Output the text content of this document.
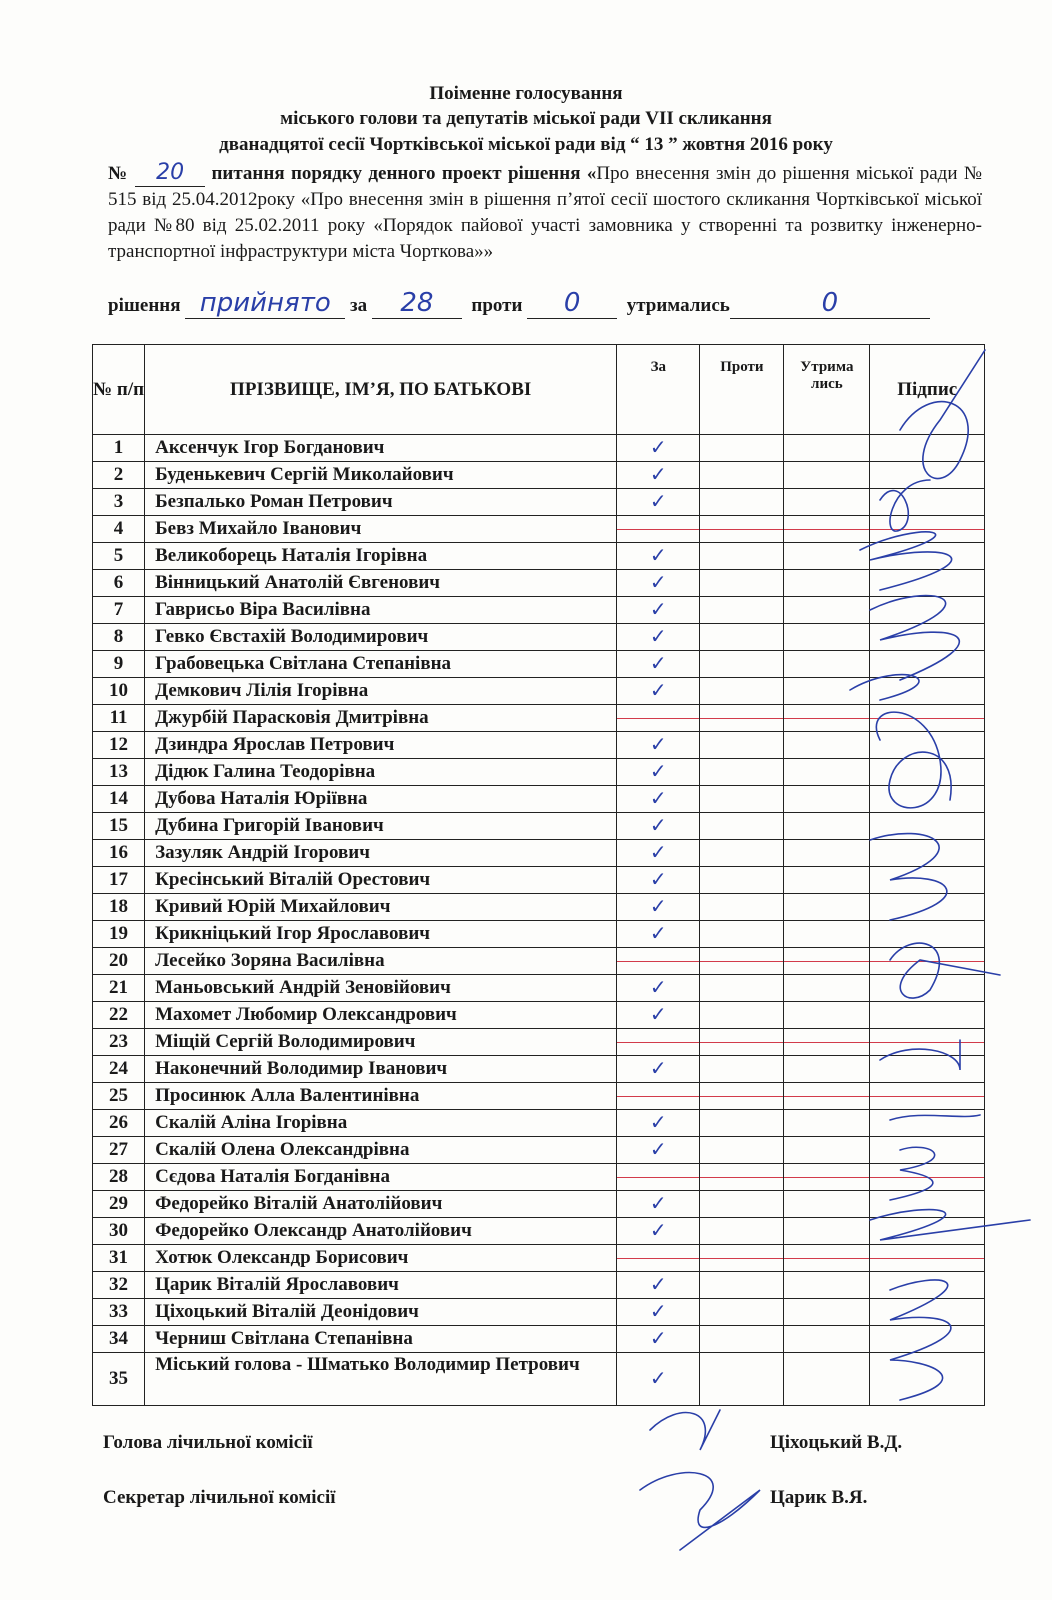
Поіменне голосування
міського голови та депутатів міської ради VII скликання
дванадцятої сесії Чортківської міської ради від “ 13 ” жовтня 2016 року
№ 20 питання порядку денного проект рішення «Про внесення змін до рішення міської ради № 515 від 25.04.2012року «Про внесення змін в рішення п’ятої сесії шостого скликання Чортківської міської ради №80 від 25.02.2011 року «Порядок пайової участі замовника у створенні та розвитку інженерно-транспортної інфраструктури міста Чорткова»»
рішення прийнято за 28 проти 0 утримались	0
№ п/п	ПРІЗВИЩЕ, ІМ’Я, ПО БАТЬКОВІ	За	Проти	Утрима лись	Підпис
1	Аксенчук Ігор Богданович	✓			
2	Буденькевич Сергій Миколайович	✓			
3	Безпалько Роман Петрович	✓			
4	Бевз Михайло Іванович	

5	Великоборець Наталія Ігорівна	✓			
6	Вінницький Анатолій Євгенович	✓			
7	Гаврисьо Віра Василівна	✓			
8	Гевко Євстахій Володимирович	✓			
9	Грабовецька Світлана Степанівна	✓			
10	Демкович Лілія Ігорівна	✓			
11	Джурбій Парасковія Дмитрівна	

12	Дзиндра Ярослав Петрович	✓			
13	Дідюк Галина Теодорівна	✓			
14	Дубова Наталія Юріївна	✓			
15	Дубина Григорій Іванович	✓			
16	Зазуляк Андрій Ігорович	✓			
17	Кресінський Віталій Орестович	✓			
18	Кривий Юрій Михайлович	✓			
19	Крикніцький Ігор Ярославович	✓			
20	Лесейко Зоряна Василівна	

21	Маньовський Андрій Зеновійович	✓			
22	Махомет Любомир Олександрович	✓			
23	Міщій Сергій Володимирович	

24	Наконечний Володимир Іванович	✓			
25	Просинюк Алла Валентинівна	

26	Скалій Аліна Ігорівна	✓			
27	Скалій Олена Олександрівна	✓			
28	Сєдова Наталія Богданівна	

29	Федорейко Віталій Анатолійович	✓			
30	Федорейко Олександр Анатолійович	✓			
31	Хотюк Олександр Борисович	

32	Царик Віталій Ярославович	✓			
33	Ціхоцький Віталій Деонідович	✓			
34	Черниш Світлана Степанівна	✓			
35	Міський голова - Шматько Володимир Петрович	✓			
Голова лічильної комісії	Ціхоцький В.Д.
Секретар лічильної комісії	Царик В.Я.
